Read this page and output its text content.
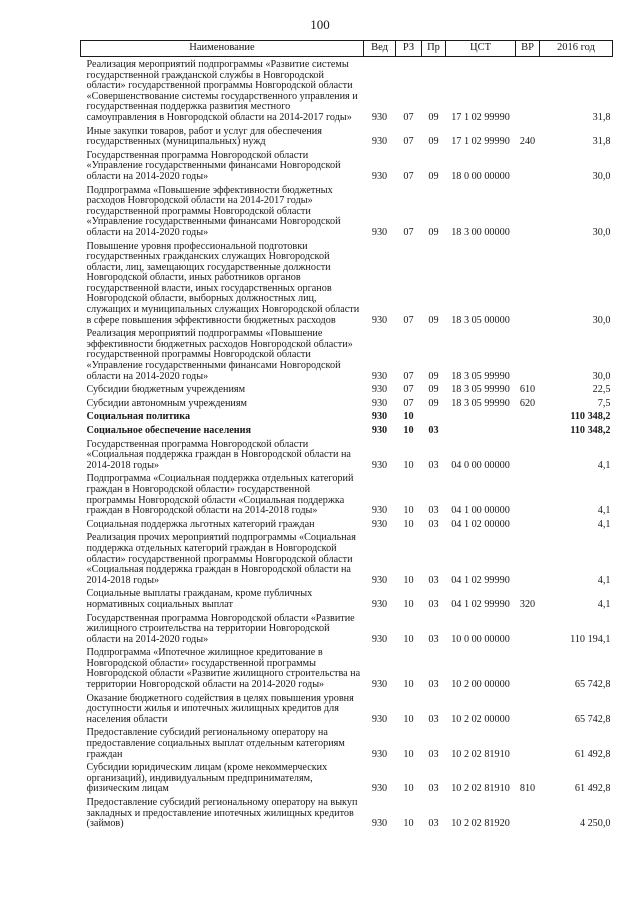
100
Наименование	Вед	РЗ	Пр	ЦСТ	ВР	2016 год
Реализация мероприятий подпрограммы «Развитие системы государственной гражданской службы в Новгородской области» государственной программы Новгородской области «Совершенствование системы государственного управления и государственная поддержка развития местного самоуправления в Новгородской области на 2014-2017 годы»	930	07	09	17 1 02 99990		31,8
Иные закупки товаров, работ и услуг для обеспечения государственных (муниципальных) нужд	930	07	09	17 1 02 99990	240	31,8
Государственная программа Новгородской области «Управление государственными финансами Новгородской области на 2014-2020 годы»	930	07	09	18 0 00 00000		30,0
Подпрограмма «Повышение эффективности бюджетных расходов Новгородской области на 2014-2017 годы» государственной программы Новгородской области «Управление государственными финансами Новгородской области на 2014-2020 годы»	930	07	09	18 3 00 00000		30,0
Повышение уровня профессиональной подготовки государственных гражданских служащих Новгородской области, лиц, замещающих государственные должности Новгородской области, иных работников органов государственной власти, иных государственных органов Новгородской области, выборных должностных лиц, служащих и муниципальных служащих Новгородской области в сфере повышения эффективности бюджетных расходов	930	07	09	18 3 05 00000		30,0
Реализация мероприятий подпрограммы «Повышение эффективности бюджетных расходов Новгородской области» государственной программы Новгородской области «Управление государственными финансами Новгородской области на 2014-2020 годы»	930	07	09	18 3 05 99990		30,0
Субсидии бюджетным учреждениям	930	07	09	18 3 05 99990	610	22,5
Субсидии автономным учреждениям	930	07	09	18 3 05 99990	620	7,5
Социальная политика	930	10				110 348,2
Социальное обеспечение населения	930	10	03			110 348,2
Государственная программа Новгородской области «Социальная поддержка граждан в Новгородской области на 2014-2018 годы»	930	10	03	04 0 00 00000		4,1
Подпрограмма «Социальная поддержка отдельных категорий граждан в Новгородской области» государственной программы Новгородской области «Социальная поддержка граждан в Новгородской области на 2014-2018 годы»	930	10	03	04 1 00 00000		4,1
Социальная поддержка льготных категорий граждан	930	10	03	04 1 02 00000		4,1
Реализация прочих мероприятий подпрограммы «Социальная поддержка отдельных категорий граждан в Новгородской области» государственной программы Новгородской области «Социальная поддержка граждан в Новгородской области на 2014-2018 годы»	930	10	03	04 1 02 99990		4,1
Социальные выплаты гражданам, кроме публичных нормативных социальных выплат	930	10	03	04 1 02 99990	320	4,1
Государственная программа Новгородской области «Развитие жилищного строительства на территории Новгородской области на 2014-2020 годы»	930	10	03	10 0 00 00000		110 194,1
Подпрограмма «Ипотечное жилищное кредитование в Новгородской области» государственной программы Новгородской области «Развитие жилищного строительства на территории Новгородской области на 2014-2020 годы»	930	10	03	10 2 00 00000		65 742,8
Оказание бюджетного содействия в целях повышения уровня доступности жилья и ипотечных жилищных кредитов для населения области	930	10	03	10 2 02 00000		65 742,8
Предоставление субсидий региональному оператору на предоставление социальных выплат отдельным категориям граждан	930	10	03	10 2 02 81910		61 492,8
Субсидии юридическим лицам (кроме некоммерческих организаций), индивидуальным предпринимателям, физическим лицам	930	10	03	10 2 02 81910	810	61 492,8
Предоставление субсидий региональному оператору на выкуп закладных и предоставление ипотечных жилищных кредитов (займов)	930	10	03	10 2 02 81920		4 250,0
